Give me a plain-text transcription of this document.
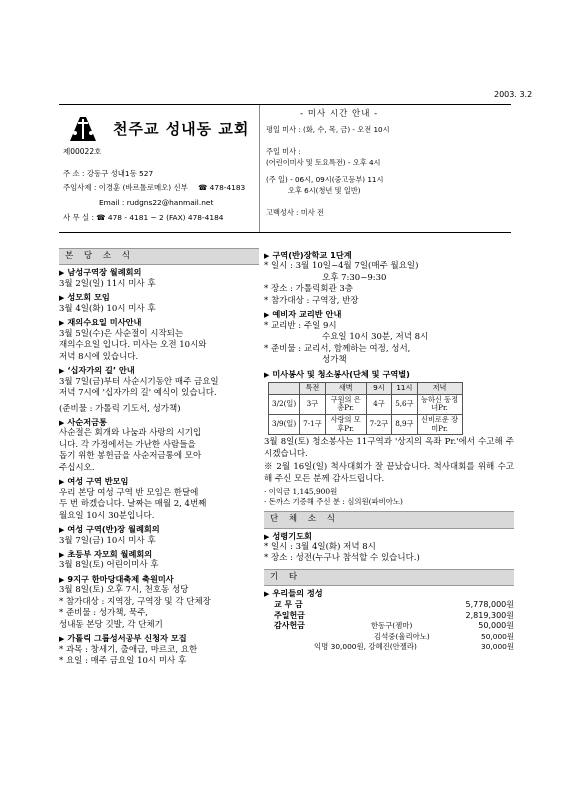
2003. 3.2
천주교 성내동 교회
제00022호
주 소 : 강동구 성내1동 527
주임사제 : 이경훈 (바르톨로메오) 신부 ☎ 478-4183
Email : rudgns22@hanmail.net
사 무 실 : ☎ 478 - 4181 ~ 2 (FAX) 478-4184
- 미사 시간 안내 -
평일 미사 : (화, 수, 목, 금) - 오전 10시
주일 미사 :
(어린이미사 및 토요특전) - 오후 4시
(주 일) - 06시, 09시(중고등부) 11시
오후 6시(청년 및 일반)
고백성사 : 미사 전
본 당 소 식
▶ 남성구역장 월례회의

3월 2일(일) 11시 미사 후

▶ 성모회 모임

3월 4일(화) 10시 미사 후

▶ 재의수요일 미사안내

3월 5일(수)은 사순절이 시작되는

재의수요일 입니다. 미사는 오전 10시와

저녁 8시에 있습니다.

▶ ‘십자가의 길’ 안내

3월 7일(금)부터 사순시기동안 매주 금요일

저녁 7시에 '십자가의 길' 예식이 있습니다.

(준비물 : 가톨릭 기도서, 성가책)

▶ 사순저금통

사순절은 회개와 나눔과 사랑의 시기입

니다. 각 가정에서는 가난한 사람들을

돕기 위한 봉헌금을 사순저금통에 모아

주십시오.

▶ 여성 구역 반모임

우리 본당 여성 구역 반 모임은 한달에

두 번 하겠습니다. 날짜는 매월 2, 4번째

월요일 10시 30분입니다.

▶ 여성 구역(반)장 월례회의

3월 7일(금) 10시 미사 후

▶ 초등부 자모회 월례회의

3월 8일(토) 어린이미사 후

▶ 9지구 한마당대축제 축원미사

3월 8일(토) 오후 7시, 천호동 성당

* 참가대상 : 지역장, 구역장 및 각 단체장

* 준비물 : 성가책, 묵주,

성내동 본당 깃발, 각 단체기

▶ 가톨릭 그룹성서공부 신청자 모집

* 과목 : 창세기, 출애급, 마르코, 요한

* 요일 : 매주 금요일 10시 미사 후

▶ 구역(반)장학교 1단계

* 일시 : 3월 10일~4월 7일(매주 월요일)

오후 7:30~9:30

* 장소 : 가톨릭회관 3층

* 참가대상 : 구역장, 반장

▶ 예비자 교리반 안내

* 교리반 : 주일 9시

수요일 10시 30분, 저녁 8시

* 준비물 : 교리서, 함께하는 여정, 성서,

성가책

▶ 미사봉사 및 청소봉사(단체 및 구역별)
	특전	새벽	9시	11시	저녁
3/2(일)	3구	구원의 은총Pr.	4구	5,6구	능하신 동정녀Pr.
3/9(일)	7-1구	사랑의 모후Pr.	7-2구	8,9구	신비로운 장미Pr.

3월 8일(토) 청소봉사는 11구역과 '상지의 옥좌 Pr.'에서 수고해 주시겠습니다.

※ 2월 16일(일) 척사대회가 잘 끝났습니다. 척사대회를 위해 수고해 주신 모든 분께 감사드립니다.

· 이익금 1,145,900원

· 돈까스 기증해 주신 분 : 심의원(파비아노)

단 체 소 식
▶ 성령기도회

* 일시 : 3월 4일(화) 저녁 8시

* 장소 : 성전(누구나 참석할 수 있습니다.)

기 타
▶ 우리들의 정성
교 무 금	5,778,000원
주일헌금	2,819,300원
감사헌금	한동구(젬마)	50,000원
김석중(율리아노)	50,000원
익명 30,000원, 강혜진(안젤라)	30,000원
